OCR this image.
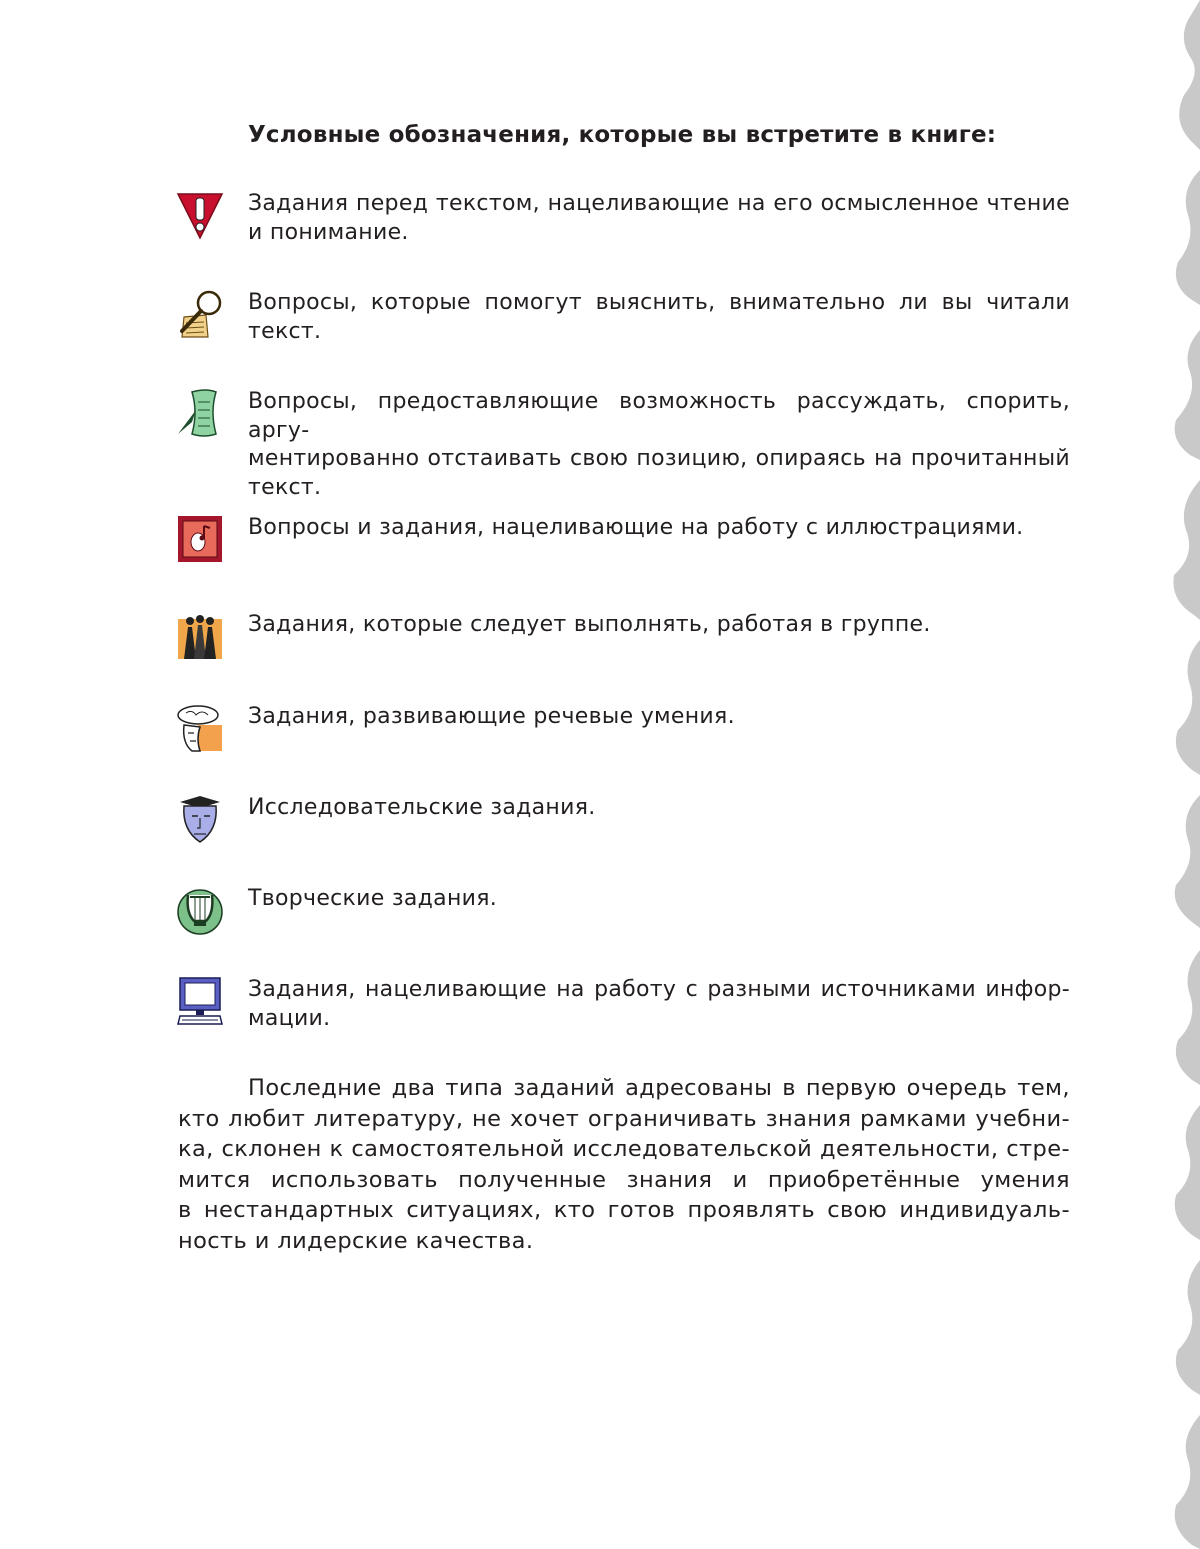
Условные обозначения, которые вы встретите в книге:
Задания перед текстом, нацеливающие на его осмысленное чтение
и понимание.
Вопросы, которые помогут выяснить, внимательно ли вы читали
текст.
Вопросы, предоставляющие возможность рассуждать, спорить, аргу-
ментированно отстаивать свою позицию, опираясь на прочитанный
текст.
Вопросы и задания, нацеливающие на работу с иллюстрациями.
Задания, которые следует выполнять, работая в группе.
Задания, развивающие речевые умения.
Исследовательские задания.
Творческие задания.
Задания, нацеливающие на работу с разными источниками инфор-
мации.
Последние два типа заданий адресованы в первую очередь тем,
кто любит литературу, не хочет ограничивать знания рамками учебни-
ка, склонен к самостоятельной исследовательской деятельности, стре-
мится использовать полученные знания и приобретённые умения
в нестандартных ситуациях, кто готов проявлять свою индивидуаль-
ность и лидерские качества.
